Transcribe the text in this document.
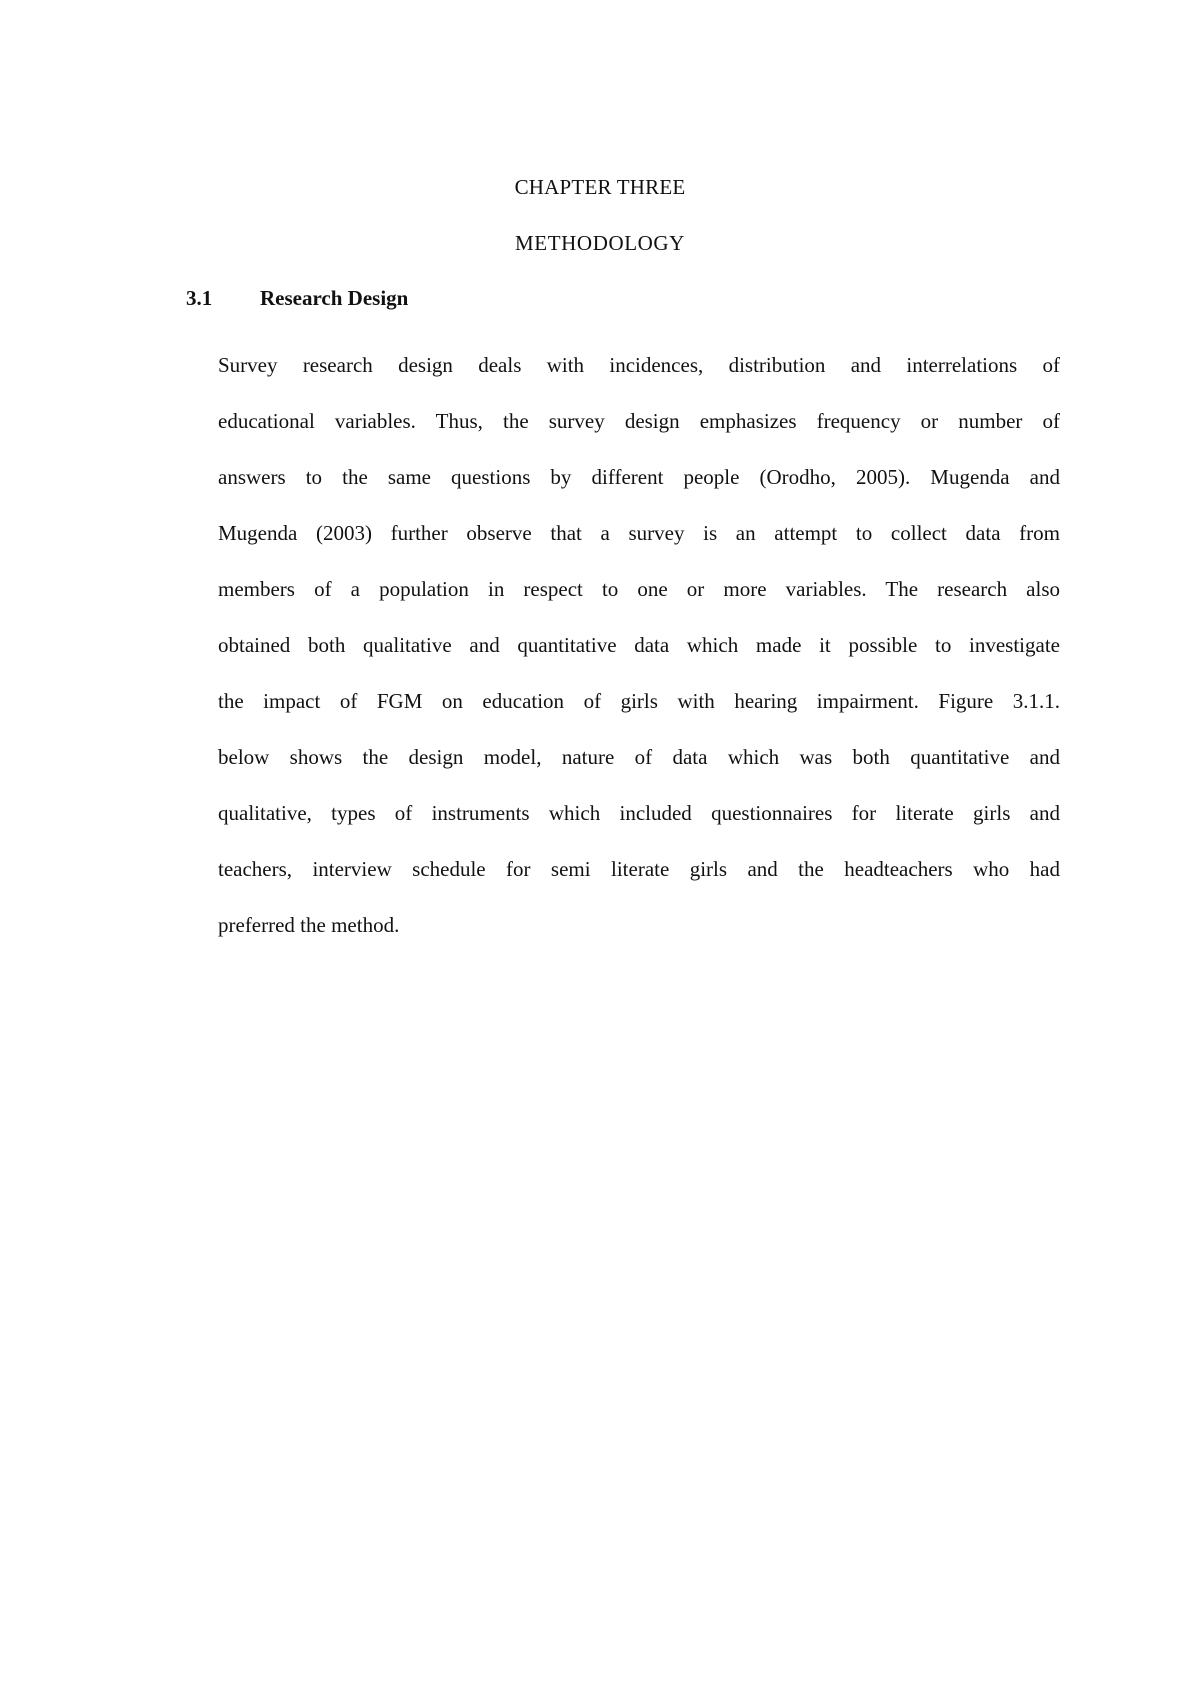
CHAPTER THREE
METHODOLOGY
3.1 Research Design
Survey research design deals with incidences, distribution and interrelations of
educational variables. Thus, the survey design emphasizes frequency or number of
answers to the same questions by different people (Orodho, 2005). Mugenda and
Mugenda (2003) further observe that a survey is an attempt to collect data from
members of a population in respect to one or more variables. The research also
obtained both qualitative and quantitative data which made it possible to investigate
the impact of FGM on education of girls with hearing impairment. Figure 3.1.1.
below shows the design model, nature of data which was both quantitative and
qualitative, types of instruments which included questionnaires for literate girls and
teachers, interview schedule for semi literate girls and the headteachers who had
preferred the method.
